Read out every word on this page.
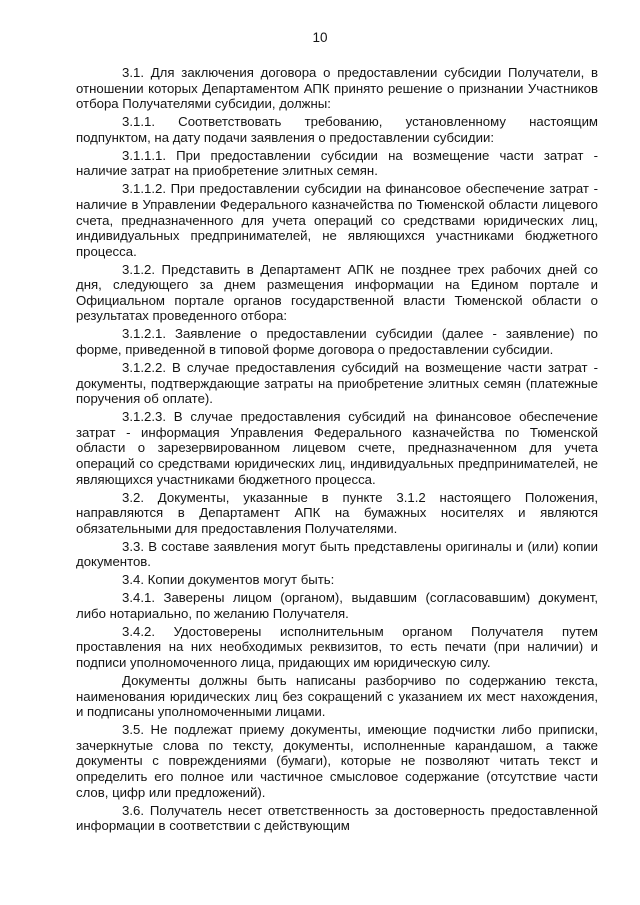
10

3.1. Для заключения договора о предоставлении субсидии Получатели, в отношении которых Департаментом АПК принято решение о признании Участников отбора Получателями субсидии, должны:

3.1.1. Соответствовать требованию, установленному настоящим подпунктом, на дату подачи заявления о предоставлении субсидии:

3.1.1.1. При предоставлении субсидии на возмещение части затрат - наличие затрат на приобретение элитных семян.

3.1.1.2. При предоставлении субсидии на финансовое обеспечение затрат - наличие в Управлении Федерального казначейства по Тюменской области лицевого счета, предназначенного для учета операций со средствами юридических лиц, индивидуальных предпринимателей, не являющихся участниками бюджетного процесса.

3.1.2. Представить в Департамент АПК не позднее трех рабочих дней со дня, следующего за днем размещения информации на Едином портале и Официальном портале органов государственной власти Тюменской области о результатах проведенного отбора:

3.1.2.1. Заявление о предоставлении субсидии (далее - заявление) по форме, приведенной в типовой форме договора о предоставлении субсидии.

3.1.2.2. В случае предоставления субсидий на возмещение части затрат - документы, подтверждающие затраты на приобретение элитных семян (платежные поручения об оплате).

3.1.2.3. В случае предоставления субсидий на финансовое обеспечение затрат - информация Управления Федерального казначейства по Тюменской области о зарезервированном лицевом счете, предназначенном для учета операций со средствами юридических лиц, индивидуальных предпринимателей, не являющихся участниками бюджетного процесса.

3.2. Документы, указанные в пункте 3.1.2 настоящего Положения, направляются в Департамент АПК на бумажных носителях и являются обязательными для предоставления Получателями.

3.3. В составе заявления могут быть представлены оригиналы и (или) копии документов.

3.4. Копии документов могут быть:

3.4.1. Заверены лицом (органом), выдавшим (согласовавшим) документ, либо нотариально, по желанию Получателя.

3.4.2. Удостоверены исполнительным органом Получателя путем проставления на них необходимых реквизитов, то есть печати (при наличии) и подписи уполномоченного лица, придающих им юридическую силу.

Документы должны быть написаны разборчиво по содержанию текста, наименования юридических лиц без сокращений с указанием их мест нахождения, и подписаны уполномоченными лицами.

3.5. Не подлежат приему документы, имеющие подчистки либо приписки, зачеркнутые слова по тексту, документы, исполненные карандашом, а также документы с повреждениями (бумаги), которые не позволяют читать текст и определить его полное или частичное смысловое содержание (отсутствие части слов, цифр или предложений).

3.6. Получатель несет ответственность за достоверность предоставленной информации в соответствии с действующим
